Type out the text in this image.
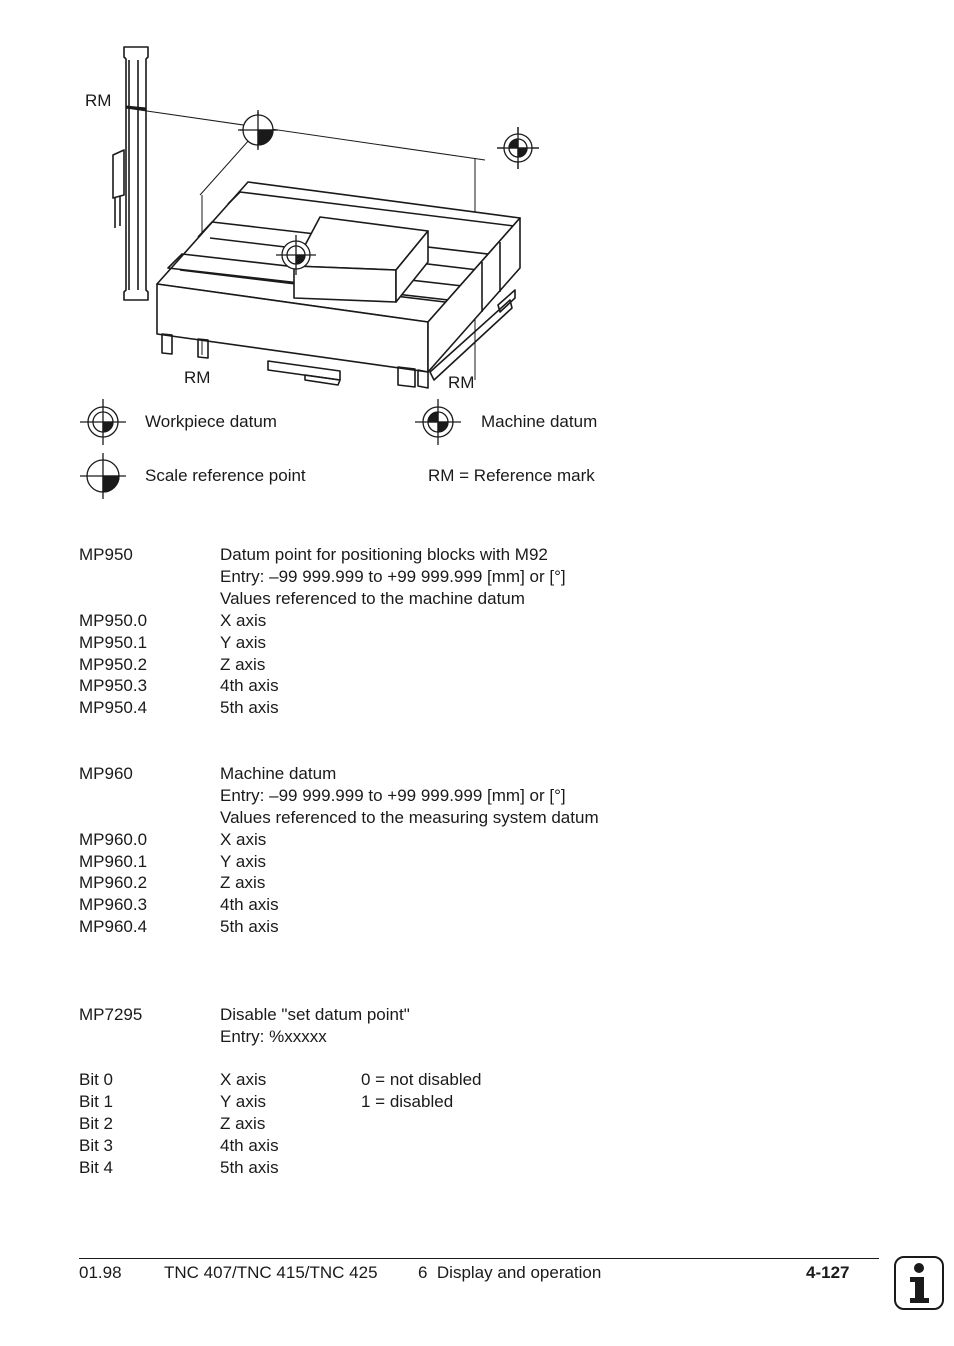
RM
RM	RM
Workpiece datum	Machine datum
Scale reference point	RM = Reference mark
MP950	Datum point for positioning blocks with M92
Entry: –99 999.999 to +99 999.999 [mm] or [°]
Values referenced to the machine datum
MP950.0	X axis
MP950.1	Y axis
MP950.2	Z axis
MP950.3	4th axis
MP950.4	5th axis
MP960	Machine datum
Entry: –99 999.999 to +99 999.999 [mm] or [°]
Values referenced to the measuring system datum
MP960.0	X axis
MP960.1	Y axis
MP960.2	Z axis
MP960.3	4th axis
MP960.4	5th axis
MP7295	Disable "set datum point"
Entry: %xxxxx
Bit 0	X axis	0 = not disabled
Bit 1	Y axis	1 = disabled
Bit 2	Z axis
Bit 3	4th axis
Bit 4	5th axis
01.98 TNC 407/TNC 415/TNC 425 6  Display and operation	4-127
